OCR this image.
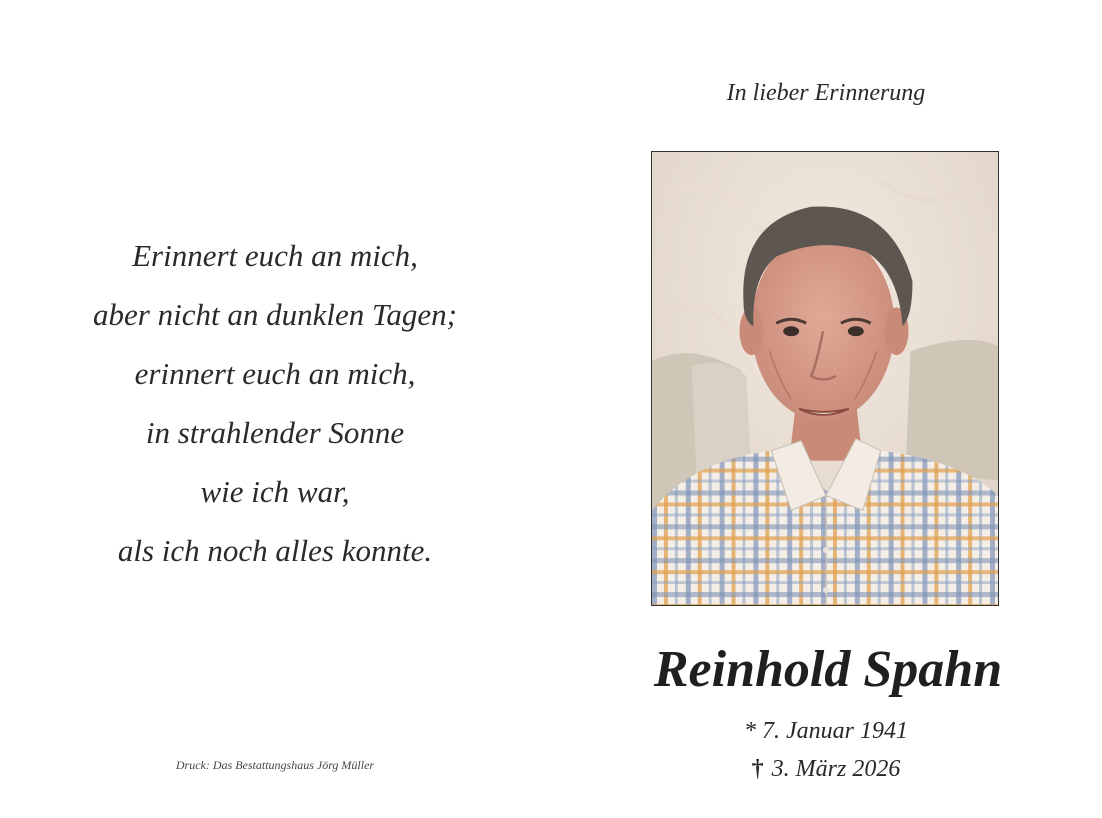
Erinnert euch an mich,
aber nicht an dunklen Tagen;
erinnert euch an mich,
in strahlender Sonne
wie ich war,
als ich noch alles konnte.
Druck: Das Bestattungshaus Jörg Müller
In lieber Erinnerung
Reinhold Spahn
* 7. Januar 1941
† 3. März 2026
